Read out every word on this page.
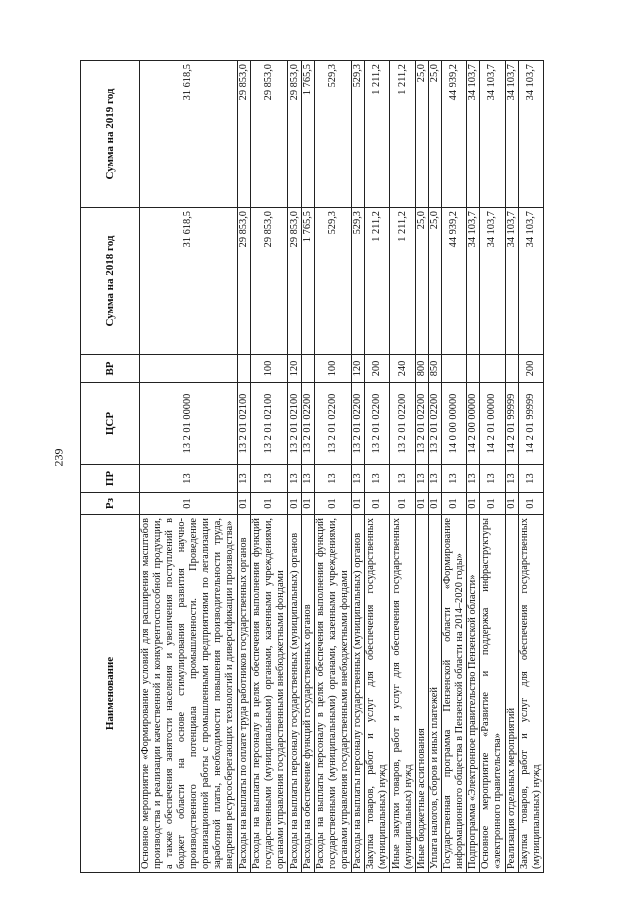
239
Наименование	Рз	ПР	ЦСР	ВР	Сумма на 2018 год	Сумма на 2019 год
Основное мероприятие «Формирование условий для расширения масштабов производства и реализации качественной и конкурентоспособной продукции, а также обеспечения занятости населения и увеличения поступлений в бюджет области на основе стимулирования развития научно-производственного потенциала промышленности. Проведение организационной работы с промышленными предприятиями по легализации заработной платы, необходимости повышения производительности труда, внедрения ресурсосберегающих технологий и диверсификации производства»	01	13	13 2 01 00000		31 618,5	31 618,5
Расходы на выплаты по оплате труда работников государственных органов	01	13	13 2 01 02100		29 853,0	29 853,0
Расходы на выплаты персоналу в целях обеспечения выполнения функций государственными (муниципальными) органами, казенными учреждениями, органами управления государственными внебюджетными фондами	01	13	13 2 01 02100	100	29 853,0	29 853,0
Расходы на выплаты персоналу государственных (муниципальных) органов	01	13	13 2 01 02100	120	29 853,0	29 853,0
Расходы на обеспечение функций государственных органов	01	13	13 2 01 02200		1 765,5	1 765,5
Расходы на выплаты персоналу в целях обеспечения выполнения функций государственными (муниципальными) органами, казенными учреждениями, органами управления государственными внебюджетными фондами	01	13	13 2 01 02200	100	529,3	529,3
Расходы на выплаты персоналу государственных (муниципальных) органов	01	13	13 2 01 02200	120	529,3	529,3
Закупка товаров, работ и услуг для обеспечения государственных (муниципальных) нужд	01	13	13 2 01 02200	200	1 211,2	1 211,2
Иные закупки товаров, работ и услуг для обеспечения государственных (муниципальных) нужд	01	13	13 2 01 02200	240	1 211,2	1 211,2
Иные бюджетные ассигнования	01	13	13 2 01 02200	800	25,0	25,0
Уплата налогов, сборов и иных платежей	01	13	13 2 01 02200	850	25,0	25,0
Государственная программа Пензенской области «Формирование информационного общества в Пензенской области на 2014–2020 годы»	01	13	14 0 00 00000		44 939,2	44 939,2
Подпрограмма «Электронное правительство Пензенской области»	01	13	14 2 00 00000		34 103,7	34 103,7
Основное мероприятие «Развитие и поддержка инфраструктуры «электронного правительства»	01	13	14 2 01 00000		34 103,7	34 103,7
Реализация отдельных мероприятий	01	13	14 2 01 99999		34 103,7	34 103,7
Закупка товаров, работ и услуг для обеспечения государственных (муниципальных) нужд	01	13	14 2 01 99999	200	34 103,7	34 103,7
